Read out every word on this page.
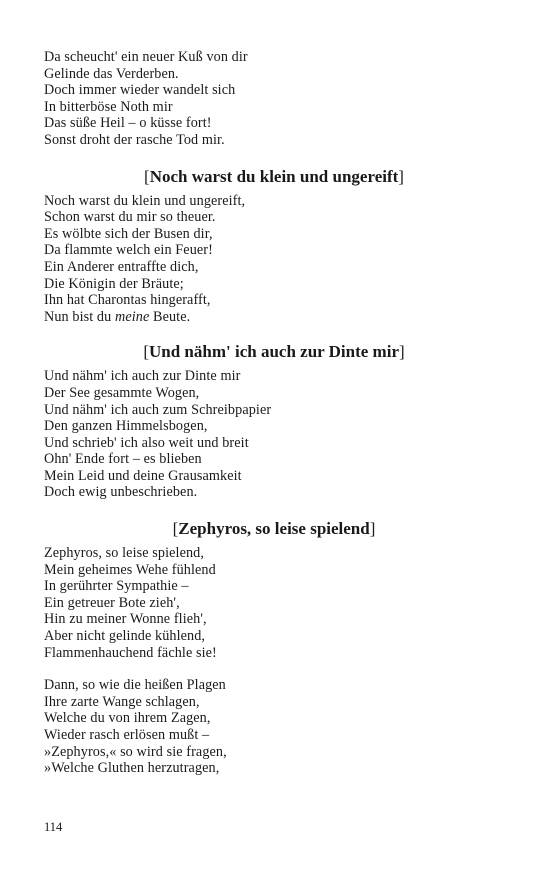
Da scheucht' ein neuer Kuß von dir
Gelinde das Verderben.
Doch immer wieder wandelt sich
In bitterböse Noth mir
Das süße Heil – o küsse fort!
Sonst droht der rasche Tod mir.
[Noch warst du klein und ungereift]
Noch warst du klein und ungereift,
Schon warst du mir so theuer.
Es wölbte sich der Busen dir,
Da flammte welch ein Feuer!
Ein Anderer entraffte dich,
Die Königin der Bräute;
Ihn hat Charontas hingerafft,
Nun bist du meine Beute.
[Und nähm' ich auch zur Dinte mir]
Und nähm' ich auch zur Dinte mir
Der See gesammte Wogen,
Und nähm' ich auch zum Schreibpapier
Den ganzen Himmelsbogen,
Und schrieb' ich also weit und breit
Ohn' Ende fort – es blieben
Mein Leid und deine Grausamkeit
Doch ewig unbeschrieben.
[Zephyros, so leise spielend]
Zephyros, so leise spielend,
Mein geheimes Wehe fühlend
In gerührter Sympathie –
Ein getreuer Bote zieh',
Hin zu meiner Wonne flieh',
Aber nicht gelinde kühlend,
Flammenhauchend fächle sie!
Dann, so wie die heißen Plagen
Ihre zarte Wange schlagen,
Welche du von ihrem Zagen,
Wieder rasch erlösen mußt –
»Zephyros,« so wird sie fragen,
»Welche Gluthen herzutragen,
114
